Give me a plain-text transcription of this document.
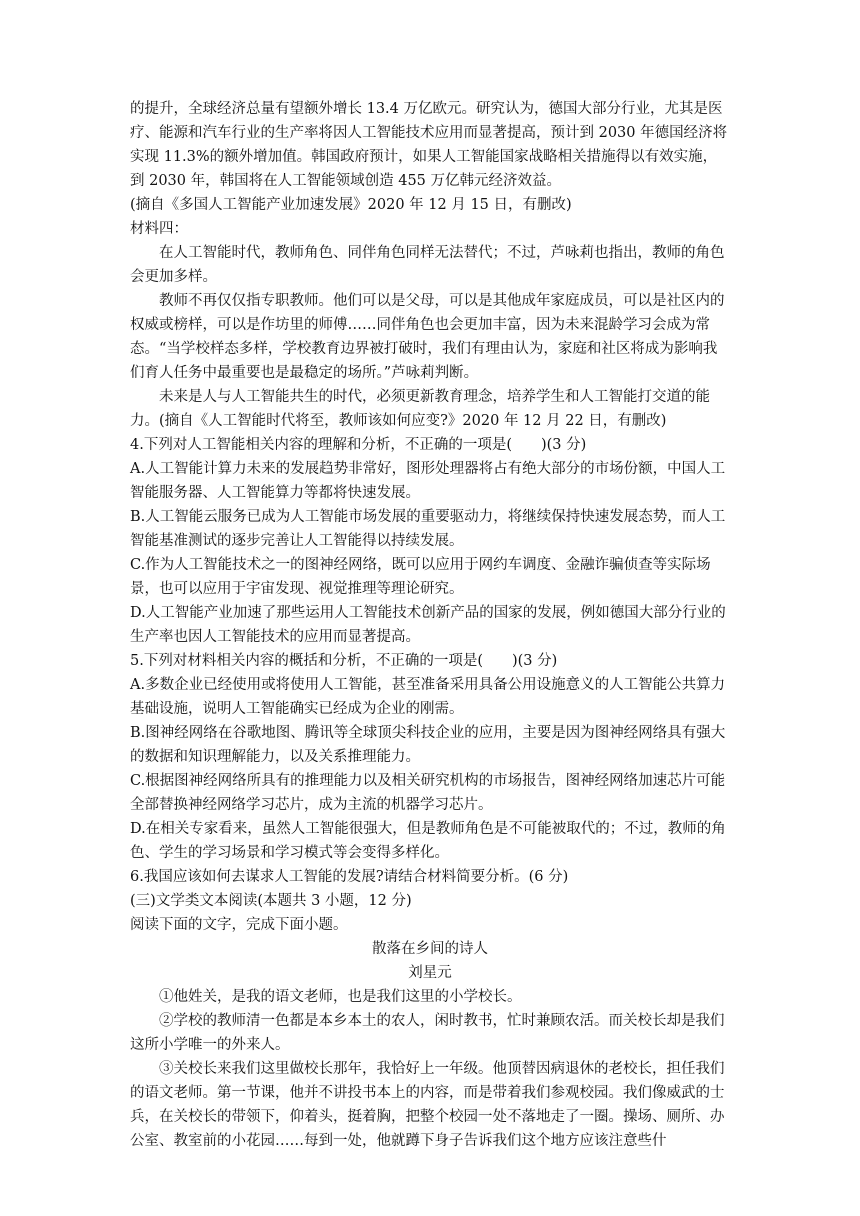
的提升，全球经济总量有望额外增长 13.4 万亿欧元。研究认为，德国大部分行业，尤其是医疗、能源和汽车行业的生产率将因人工智能技术应用而显著提高，预计到 2030 年德国经济将实现 11.3%的额外增加值。韩国政府预计，如果人工智能国家战略相关措施得以有效实施，到 2030 年，韩国将在人工智能领域创造 455 万亿韩元经济效益。

(摘自《多国人工智能产业加速发展》2020 年 12 月 15 日，有删改)

材料四：

在人工智能时代，教师角色、同伴角色同样无法替代；不过，芦咏莉也指出，教师的角色会更加多样。

教师不再仅仅指专职教师。他们可以是父母，可以是其他成年家庭成员，可以是社区内的权威或榜样，可以是作坊里的师傅……同伴角色也会更加丰富，因为未来混龄学习会成为常态。“当学校样态多样，学校教育边界被打破时，我们有理由认为，家庭和社区将成为影响我们育人任务中最重要也是最稳定的场所。”芦咏莉判断。

未来是人与人工智能共生的时代，必须更新教育理念，培养学生和人工智能打交道的能力。(摘自《人工智能时代将至，教师该如何应变?》2020 年 12 月 22 日，有删改)

4.下列对人工智能相关内容的理解和分析，不正确的一项是(　　)(3 分)

A.人工智能计算力未来的发展趋势非常好，图形处理器将占有绝大部分的市场份额，中国人工智能服务器、人工智能算力等都将快速发展。

B.人工智能云服务已成为人工智能市场发展的重要驱动力，将继续保持快速发展态势，而人工智能基准测试的逐步完善让人工智能得以持续发展。

C.作为人工智能技术之一的图神经网络，既可以应用于网约车调度、金融诈骗侦查等实际场景，也可以应用于宇宙发现、视觉推理等理论研究。

D.人工智能产业加速了那些运用人工智能技术创新产品的国家的发展，例如德国大部分行业的生产率也因人工智能技术的应用而显著提高。

5.下列对材料相关内容的概括和分析，不正确的一项是(　　)(3 分)

A.多数企业已经使用或将使用人工智能，甚至准备采用具备公用设施意义的人工智能公共算力基础设施，说明人工智能确实已经成为企业的刚需。

B.图神经网络在谷歌地图、腾讯等全球顶尖科技企业的应用，主要是因为图神经网络具有强大的数据和知识理解能力，以及关系推理能力。

C.根据图神经网络所具有的推理能力以及相关研究机构的市场报告，图神经网络加速芯片可能全部替换神经网络学习芯片，成为主流的机器学习芯片。

D.在相关专家看来，虽然人工智能很强大，但是教师角色是不可能被取代的；不过，教师的角色、学生的学习场景和学习模式等会变得多样化。

6.我国应该如何去谋求人工智能的发展?请结合材料简要分析。(6 分)

(三)文学类文本阅读(本题共 3 小题，12 分)

阅读下面的文字，完成下面小题。

散落在乡间的诗人

刘星元

①他姓关，是我的语文老师，也是我们这里的小学校长。

②学校的教师清一色都是本乡本土的农人，闲时教书，忙时兼顾农活。而关校长却是我们这所小学唯一的外来人。

③关校长来我们这里做校长那年，我恰好上一年级。他顶替因病退休的老校长，担任我们的语文老师。第一节课，他并不讲投书本上的内容，而是带着我们参观校园。我们像威武的士兵，在关校长的带领下，仰着头，挺着胸，把整个校园一处不落地走了一圈。操场、厕所、办公室、教室前的小花园……每到一处，他就蹲下身子告诉我们这个地方应该注意些什
